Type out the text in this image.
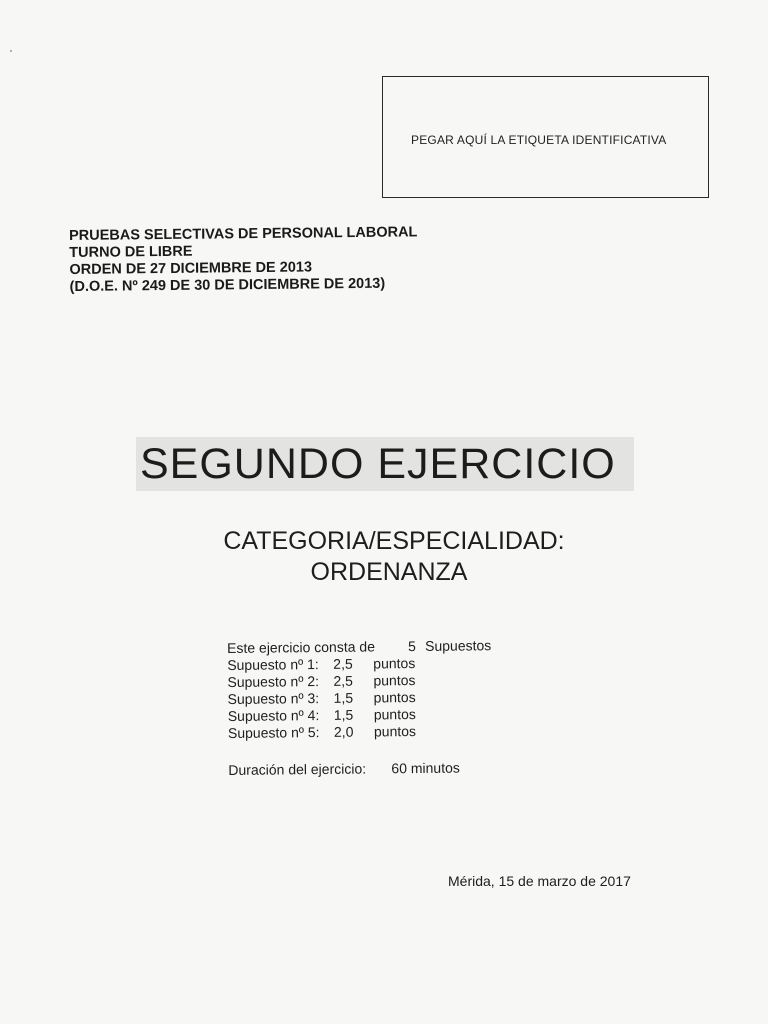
PEGAR AQUÍ LA ETIQUETA IDENTIFICATIVA
PRUEBAS SELECTIVAS DE PERSONAL LABORAL
TURNO DE LIBRE
ORDEN DE 27 DICIEMBRE DE 2013
(D.O.E. Nº 249 DE 30 DE DICIEMBRE DE 2013)
SEGUNDO EJERCICIO
CATEGORIA/ESPECIALIDAD:
ORDENANZA
Este ejercicio consta de 5 Supuestos
Supuesto nº 1: 2,5 puntos
Supuesto nº 2: 2,5 puntos
Supuesto nº 3: 1,5 puntos
Supuesto nº 4: 1,5 puntos
Supuesto nº 5: 2,0 puntos
Duración del ejercicio: 60 minutos
Mérida, 15 de marzo de 2017
